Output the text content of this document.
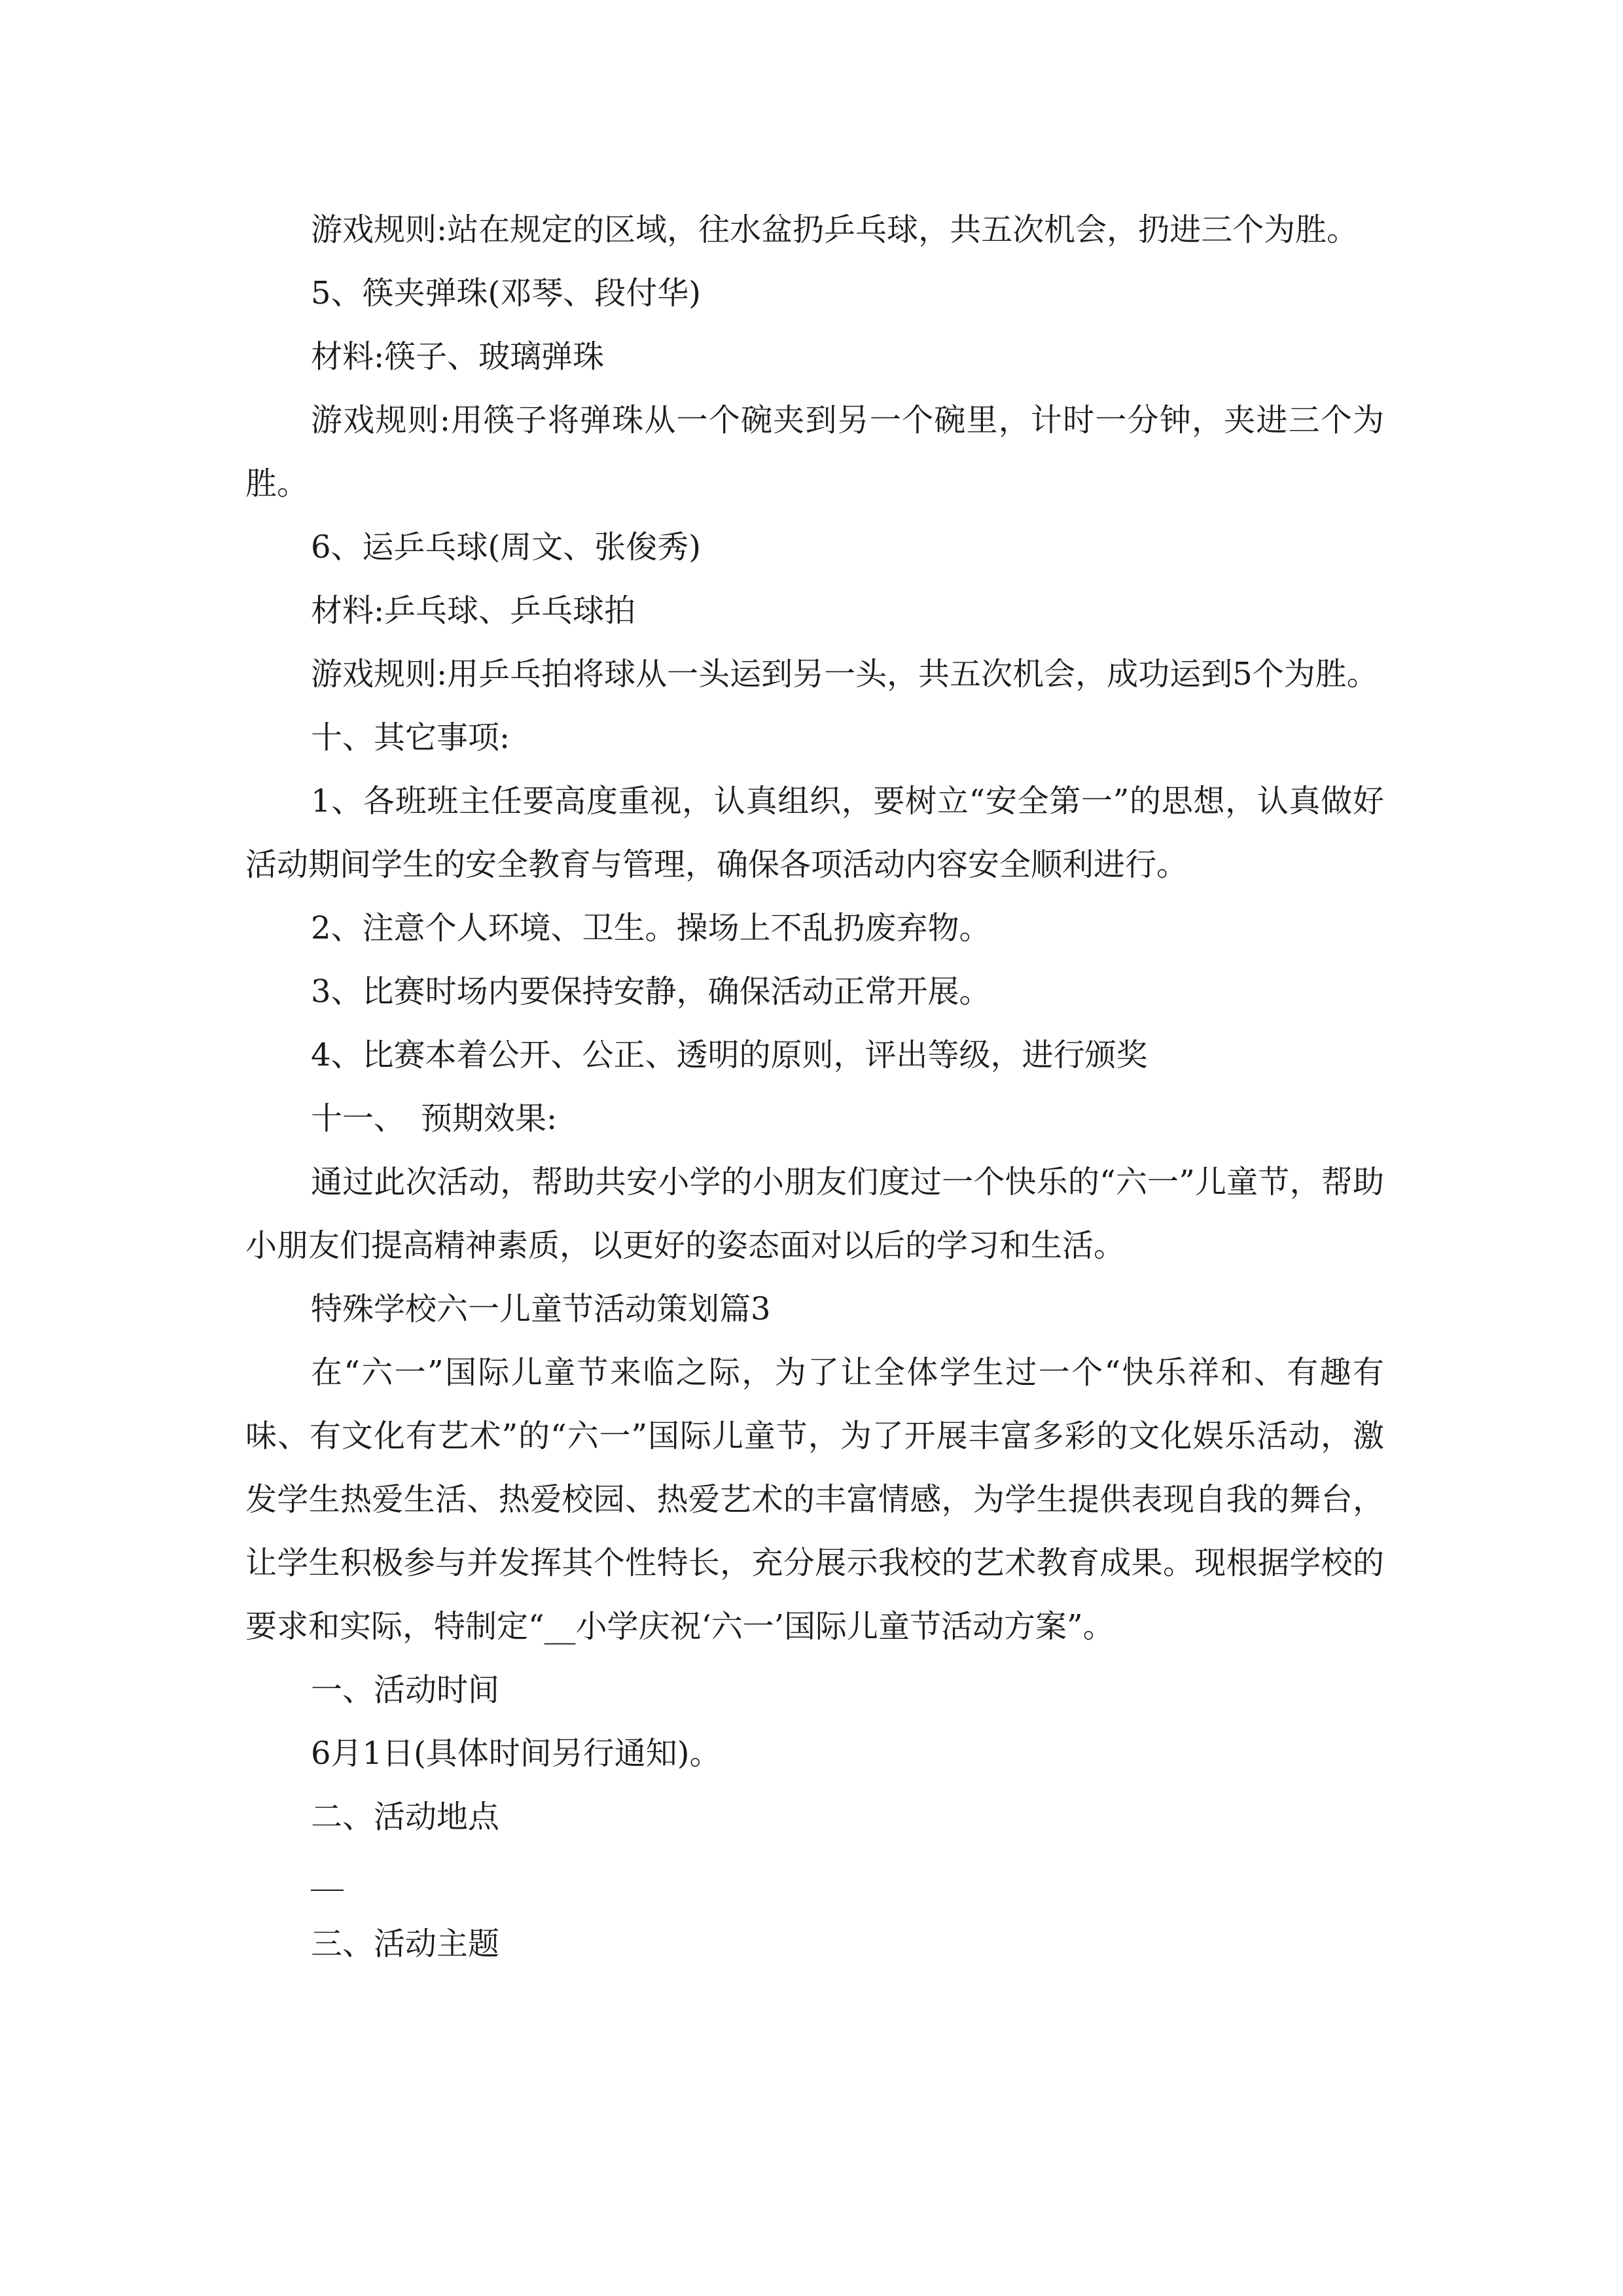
游戏规则:站在规定的区域，往水盆扔乒乓球，共五次机会，扔进三个为胜。

5、筷夹弹珠(邓琴、段付华)

材料:筷子、玻璃弹珠

游戏规则:用筷子将弹珠从一个碗夹到另一个碗里，计时一分钟，夹进三个为胜。

6、运乒乓球(周文、张俊秀)

材料:乒乓球、乒乓球拍

游戏规则:用乒乓拍将球从一头运到另一头，共五次机会，成功运到5个为胜。

十、其它事项:

1、各班班主任要高度重视，认真组织，要树立“安全第一”的思想，认真做好活动期间学生的安全教育与管理，确保各项活动内容安全顺利进行。

2、注意个人环境、卫生。操场上不乱扔废弃物。

3、比赛时场内要保持安静，确保活动正常开展。

4、比赛本着公开、公正、透明的原则，评出等级，进行颁奖

十一、　预期效果:

通过此次活动，帮助共安小学的小朋友们度过一个快乐的“六一”儿童节，帮助小朋友们提高精神素质，以更好的姿态面对以后的学习和生活。

特殊学校六一儿童节活动策划篇3

在“六一”国际儿童节来临之际，为了让全体学生过一个“快乐祥和、有趣有味、有文化有艺术”的“六一”国际儿童节，为了开展丰富多彩的文化娱乐活动，激发学生热爱生活、热爱校园、热爱艺术的丰富情感，为学生提供表现自我的舞台，让学生积极参与并发挥其个性特长，充分展示我校的艺术教育成果。现根据学校的要求和实际，特制定“__小学庆祝‘六一’国际儿童节活动方案”。

一、活动时间

6月1日(具体时间另行通知)。

二、活动地点

三、活动主题
